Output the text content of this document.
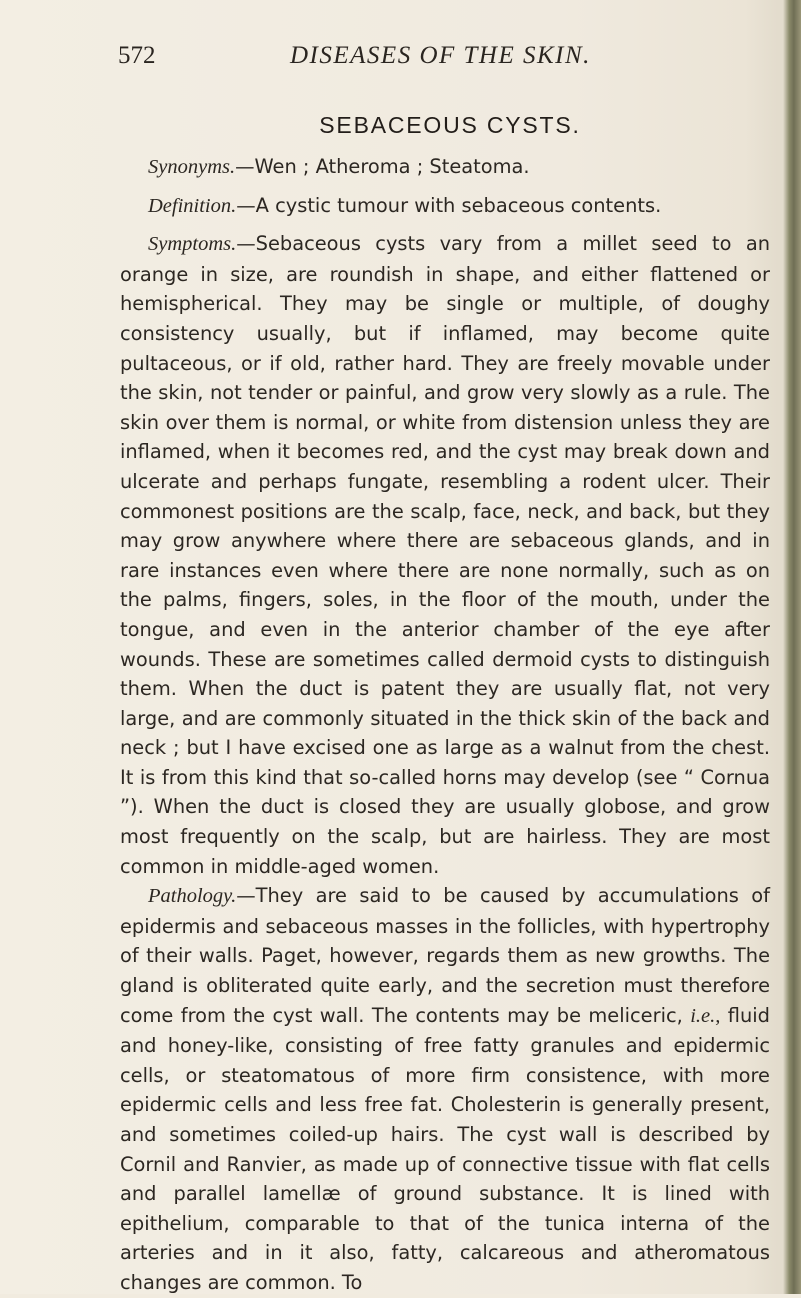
572	DISEASES OF THE SKIN.
SEBACEOUS CYSTS.

Synonyms.—Wen ; Atheroma ; Steatoma.

Definition.—A cystic tumour with sebaceous contents.

Symptoms.—Sebaceous cysts vary from a millet seed to an orange in size, are roundish in shape, and either flattened or hemispherical. They may be single or multiple, of doughy consistency usually, but if inflamed, may become quite pultaceous, or if old, rather hard. They are freely movable under the skin, not tender or painful, and grow very slowly as a rule. The skin over them is normal, or white from distension unless they are inflamed, when it becomes red, and the cyst may break down and ulcerate and perhaps fungate, resembling a rodent ulcer. Their commonest positions are the scalp, face, neck, and back, but they may grow anywhere where there are sebaceous glands, and in rare instances even where there are none normally, such as on the palms, fingers, soles, in the floor of the mouth, under the tongue, and even in the anterior chamber of the eye after wounds. These are sometimes called dermoid cysts to distinguish them. When the duct is patent they are usually flat, not very large, and are commonly situated in the thick skin of the back and neck ; but I have excised one as large as a walnut from the chest. It is from this kind that so-called horns may develop (see “ Cornua ”). When the duct is closed they are usually globose, and grow most frequently on the scalp, but are hairless. They are most common in middle-aged women.

Pathology.—They are said to be caused by accumulations of epidermis and sebaceous masses in the follicles, with hypertrophy of their walls. Paget, however, regards them as new growths. The gland is obliterated quite early, and the secretion must therefore come from the cyst wall. The contents may be meliceric, i.e., fluid and honey-like, consisting of free fatty granules and epidermic cells, or steatomatous of more firm consistence, with more epidermic cells and less free fat. Cholesterin is generally present, and sometimes coiled-up hairs. The cyst wall is described by Cornil and Ranvier, as made up of connective tissue with flat cells and parallel lamellæ of ground substance. It is lined with epithelium, comparable to that of the tunica interna of the arteries and in it also, fatty, calcareous and atheromatous changes are common. To
